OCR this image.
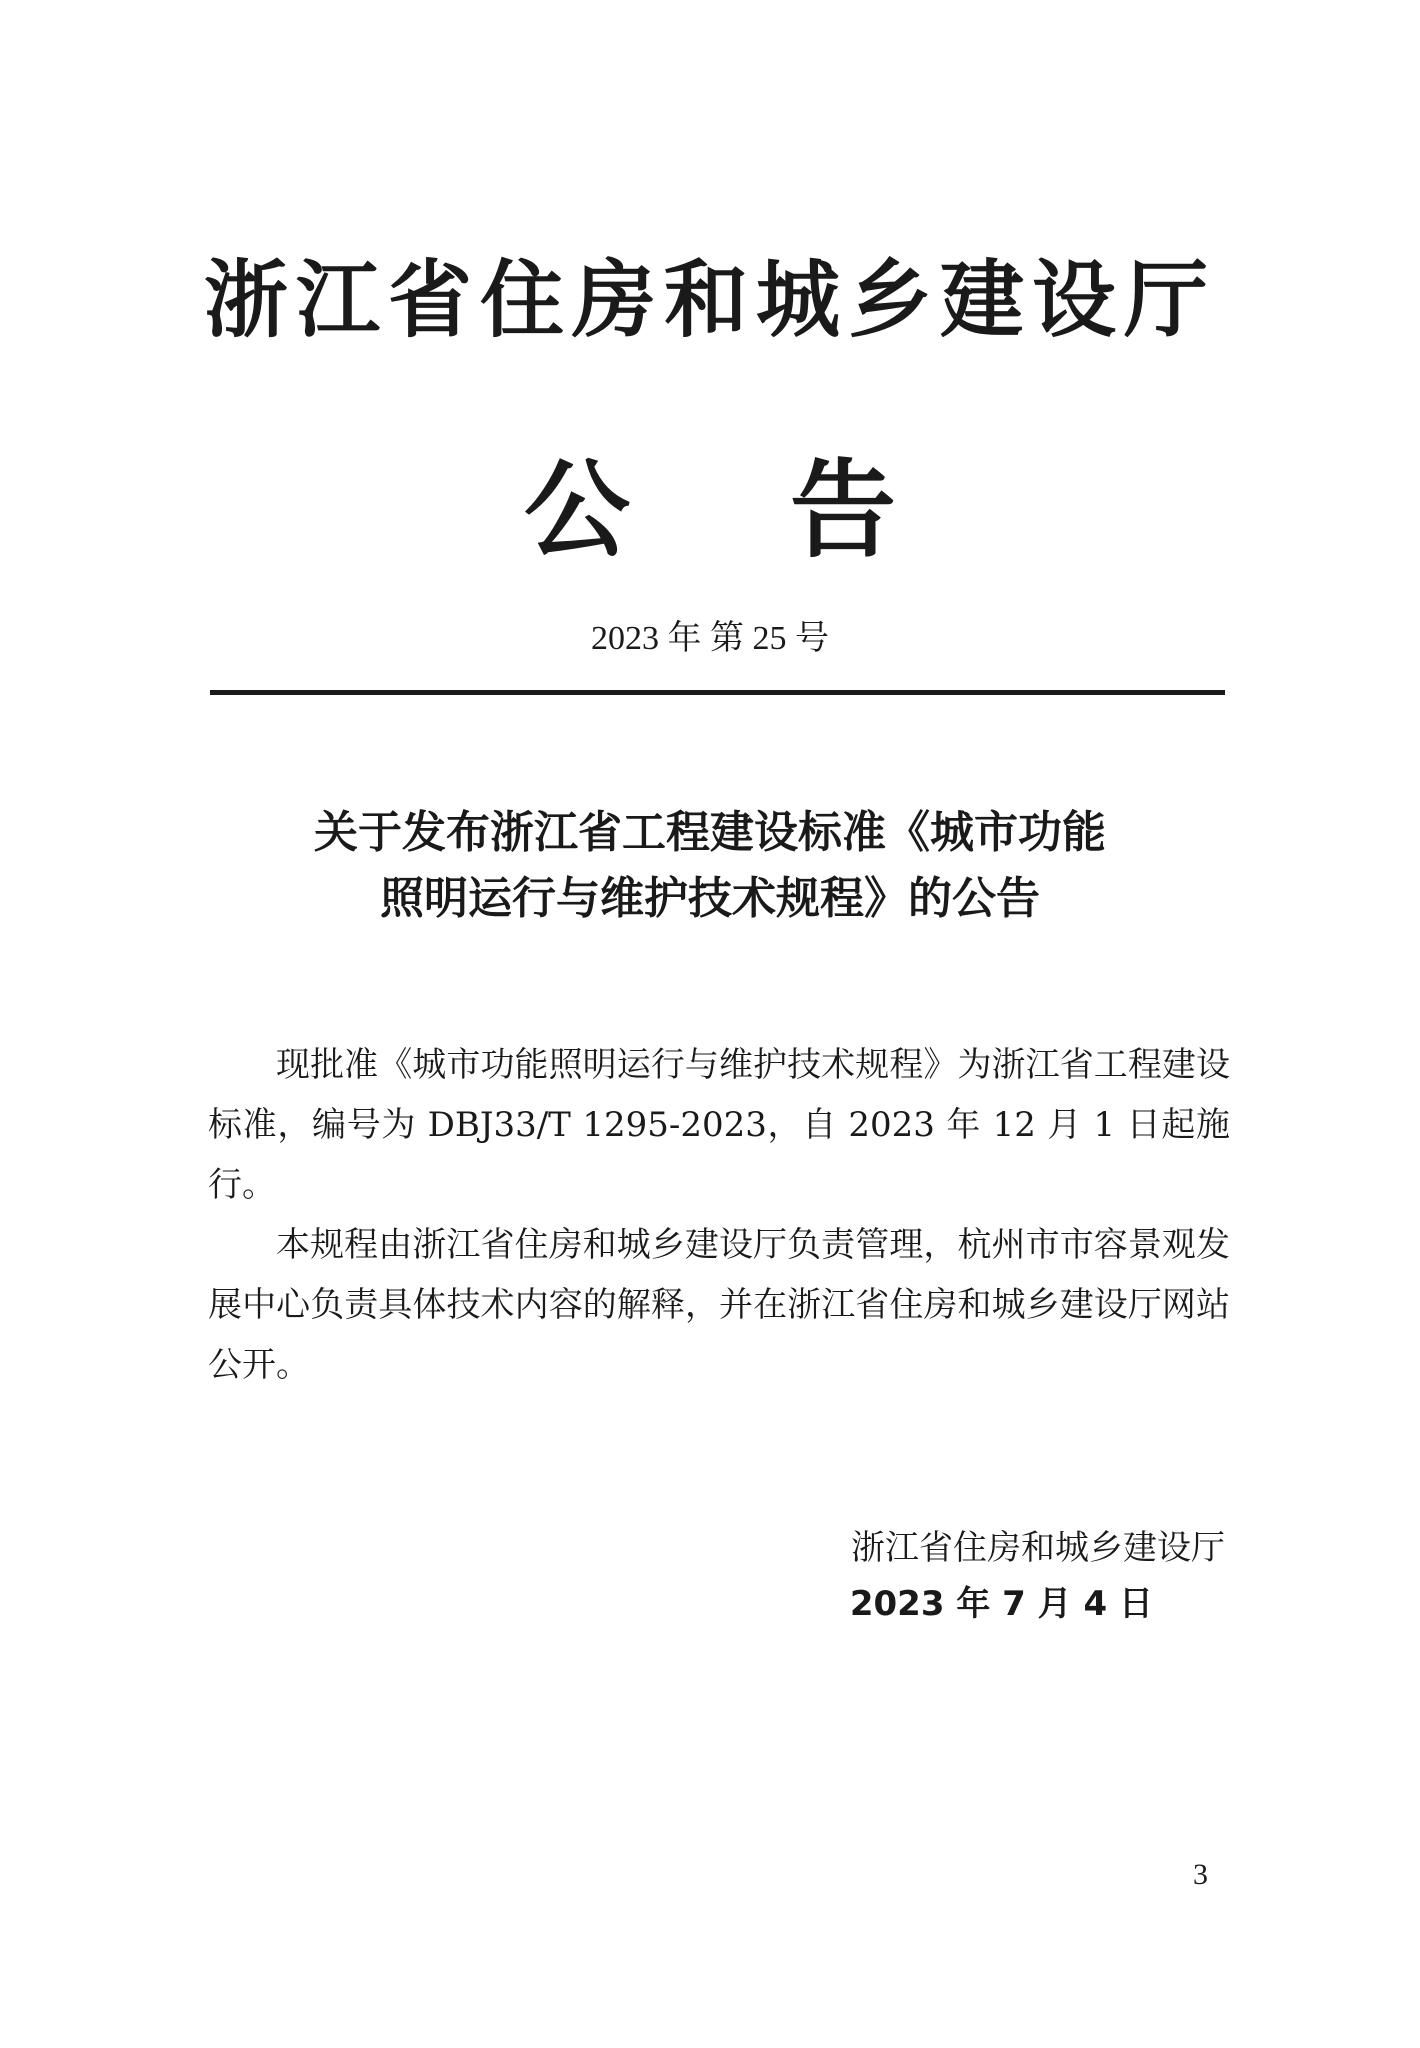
浙江省住房和城乡建设厅
公告
2023 年 第 25 号
关于发布浙江省工程建设标准《城市功能
照明运行与维护技术规程》的公告

现批准《城市功能照明运行与维护技术规程》为浙江省工程建设标准，编号为 DBJ33/T 1295-2023，自 2023 年 12 月 1 日起施行。

本规程由浙江省住房和城乡建设厅负责管理，杭州市市容景观发展中心负责具体技术内容的解释，并在浙江省住房和城乡建设厅网站公开。

浙江省住房和城乡建设厅
2023 年 7 月 4 日
3
